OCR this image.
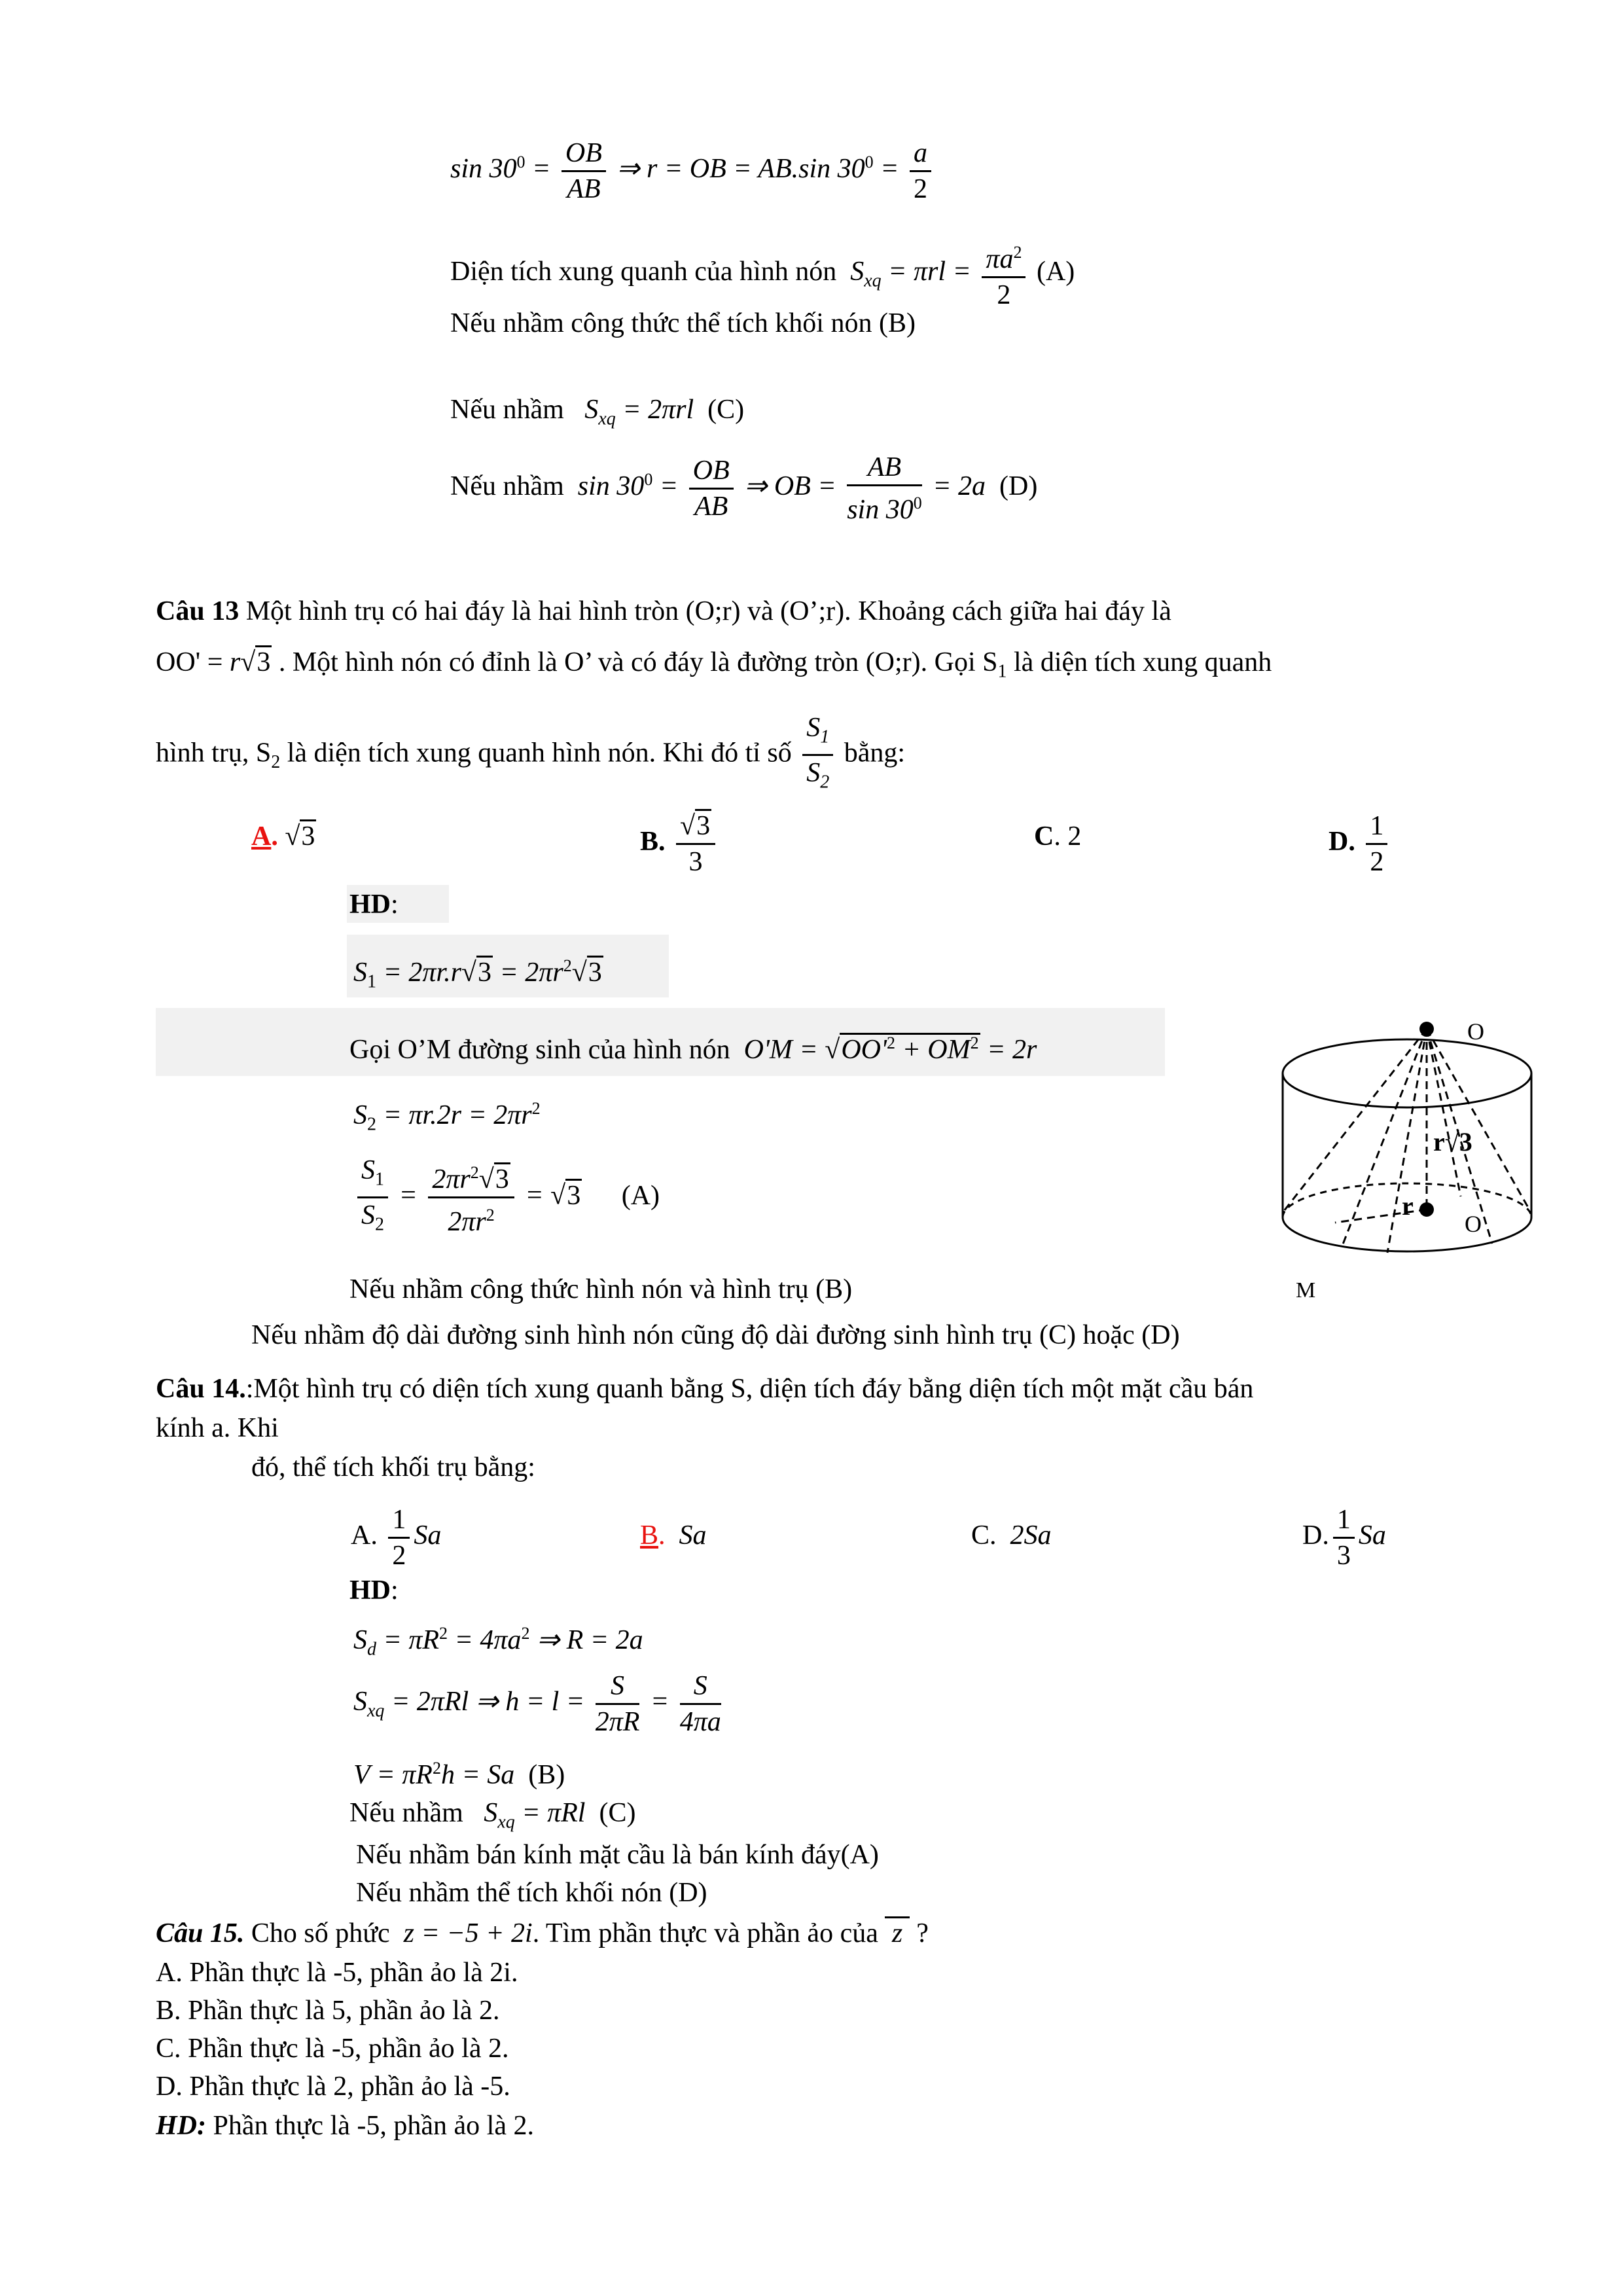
$\sin 30^0 = \frac{OB}{AB}$ ⇒ r = OB = AB.sin $30^0 = \frac{a}{2}$
Diện tích xung quanh của hình nón  $S_{xq} = \pi rl = \frac{\pi a^2}{2} (A)$
Nếu nhầm công thức thể tích khối nón (B)
Nếu nhầm   $S_{xq} = 2\pi rl$  (C)
Nếu nhầm  $\sin 30^0 = \frac{OB}{AB}$ ⇒ OB = $\frac{AB}{\sin 30^0} = 2a$  (D)
Câu 13 Một hình trụ có hai đáy là hai hình tròn (O;r) và (O’;r). Khoảng cách giữa hai đáy là
OO' = r√3 . Một hình nón có đỉnh là O’ và có đáy là đường tròn (O;r). Gọi $S_1$ là diện tích xung quanh
hình trụ, $S_2$ là diện tích xung quanh hình nón. Khi đó tỉ số $\frac{S_1}{S_2}$ bằng:
A. √3	B. $\frac{√3}{3}$	C. 2	D. $\frac{1}{2}$
HD:
$S_1 = 2\pi r.r√3 = 2\pi r^2√3$
Gọi O’M đường sinh của hình nón  $O'M = √OO'^2 + OM^2 = 2r$
$S_2 = \pi r.2r = 2\pi r^2$
$\frac{S_1}{S_2} = \frac{2\pi r^2√3}{2\pi r^2} = √3$ (A)
Nếu nhầm công thức hình nón và hình trụ (B)
Nếu nhầm độ dài đường sinh hình nón cũng độ dài đường sinh hình trụ (C) hoặc (D)
O
O
M
r
r√3
Câu 14.:Một hình trụ có diện tích xung quanh bằng S, diện tích đáy bằng diện tích một mặt cầu bán
kính a. Khi
đó, thể tích khối trụ bằng:
A. $\frac{1}{2}$ Sa	B.  Sa	C.  2Sa	D. $\frac{1}{3}$ Sa
HD:
$S_d = \pi R^2 = 4\pi a^2$ ⇒ R = 2a
$S_{xq} = 2\pi Rl$ ⇒ $h = l = \frac{S}{2\pi R} = \frac{S}{4\pi a}$
$V = \pi R^2h = Sa$  (B)
Nếu nhầm   $S_{xq} = \pi Rl$  (C)
Nếu nhầm bán kính mặt cầu là bán kính đáy(A)
Nếu nhầm thể tích khối nón (D)
Câu 15. Cho số phức  z = −5 + 2i. Tìm phần thực và phần ảo của  z  ?
A. Phần thực là -5, phần ảo là 2i.
B. Phần thực là 5, phần ảo là 2.
C. Phần thực là -5, phần ảo là 2.
D. Phần thực là 2, phần ảo là -5.
HD: Phần thực là -5, phần ảo là 2.
